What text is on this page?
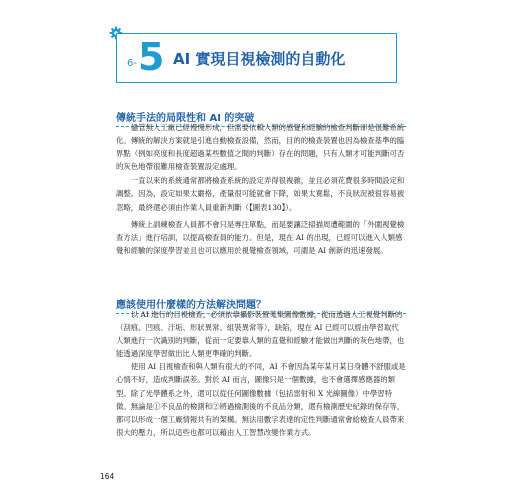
6- 5 AI 實現目視檢測的自動化
傳統手法的局限性和 AI 的突破

儘管無人工廠已經慢慢形成，但需要依賴人類的感覺和經驗的檢查判斷卻是很難系統化。傳統的解決方案就是引進自動檢查設備，然而，目的的檢查裝置也因為檢查基準的臨界點（例如亮度和長度超過某些數值之間的判斷）存在的問題，只有人類才可能判斷可否的灰色地帶很難用檢查裝置設定處理。

一直以來的系統通常都將檢查系統的設定弄得很複雜，並且必須花費很多時間設定和調整。因為，設定如果太嚴格，產量很可能就會下降，如果太寬鬆，不良狀況被很容易被忽略，最終還必須由作業人員重新判斷（【圖表130】）。

傳統上訓練檢查人員都不會只是專注單點，而是要讓泛掃描周遭範圍的「外圍視覺檢查方法」進行培訓，以提高檢查員的能力。但是，現在 AI 的出現，已經可以進入人類感覺和經驗的深度學習並且也可以應用於視覺檢查領域，可謂是 AI 創新的迅速發展。

應該使用什麼樣的方法解決問題？

以 AI 進行的目視檢查，必須依靠攝影裝置蒐集圖像數據，從而透過人工視覺判斷的（刮痕、凹痕、汙垢、形狀異常、組裝異常等），缺陷，現在 AI 已經可以經由學習取代人類進行一次識別的判斷，從而一定要靠人類的直覺和經驗才能做出判斷的灰色地帶，也能透過深度學習做出比人類更準確的判斷。

使用 AI 目視檢查和與人類有很大的不同，AI 不會因為某年某月某日身體不舒服或是心情不好，造成判斷誤差。對於 AI 而言，圖像只是一個數據，也不會選擇感應器的類型。除了光學體系之外，還可以從任何圖像數據（包括雷射和 X 光線圖像）中學習特徵。無論是①不良品的檢測和②將過檢測後的不良品分類，還有檢測歷史紀錄的保存等，都可以形成一個工廠情報共有的架構。無法用數字表達的定性判斷通常會給檢查人員帶來很大的壓力，所以這些也都可以藉由人工智慧改變作業方式。

164
